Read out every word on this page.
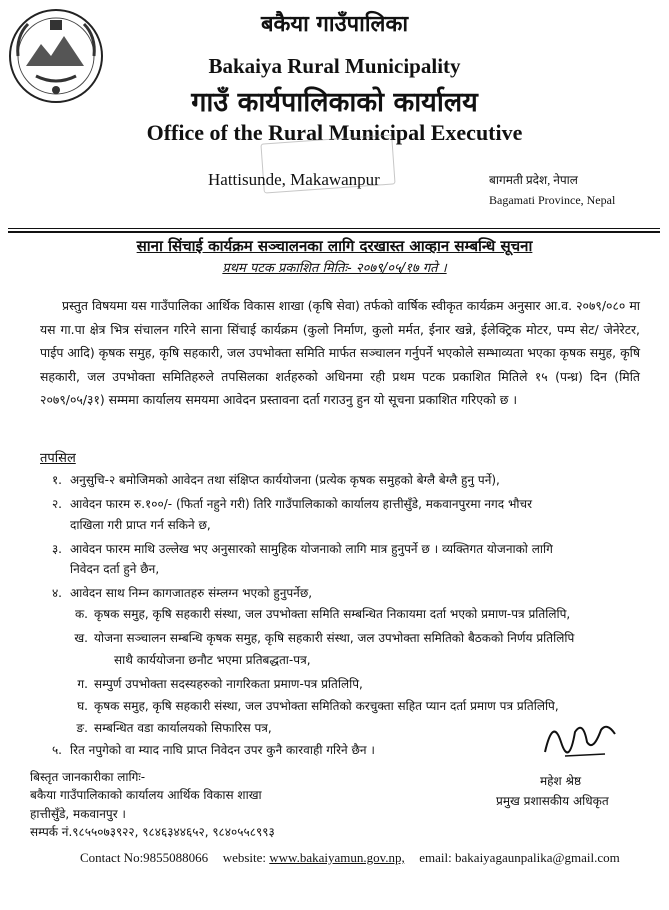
बकैया गाउँपालिका
Bakaiya Rural Municipality
गाउँ कार्यपालिकाको कार्यालय
Office of the Rural Municipal Executive
Hattisunde, Makawanpur	बागमती प्रदेश, नेपाल
Bagamati Province, Nepal
साना सिंचाई कार्यक्रम सञ्चालनका लागि दरखास्त आव्हान सम्बन्धि सूचना
प्रथम पटक प्रकाशित मितिः- २०७९/०५/१७ गते ।
प्रस्तुत विषयमा यस गाउँपालिका आर्थिक विकास शाखा (कृषि सेवा) तर्फको वार्षिक स्वीकृत कार्यक्रम अनुसार आ.व. २०७९/०८० मा यस गा.पा क्षेत्र भित्र संचालन गरिने साना सिंचाई कार्यक्रम (कुलो निर्माण, कुलो मर्मत, ईनार खन्ने, ईलेक्ट्रिक मोटर, पम्प सेट/ जेनेरेटर, पाईप आदि) कृषक समुह, कृषि सहकारी, जल उपभोक्ता समिति मार्फत सञ्चालन गर्नुपर्ने भएकोले सम्भाव्यता भएका कृषक समुह, कृषि सहकारी, जल उपभोक्ता समितिहरुले तपसिलका शर्तहरुको अधिनमा रही प्रथम पटक प्रकाशित मितिले १५ (पन्ध्र) दिन (मिति २०७९/०५/३१) सम्ममा कार्यालय समयमा आवेदन प्रस्तावना दर्ता गराउनु हुन यो सूचना प्रकाशित गरिएको छ ।
तपसिल
१. अनुसुचि-२ बमोजिमको आवेदन तथा संक्षिप्त कार्ययोजना (प्रत्येक कृषक समुहको बेग्लै बेग्लै हुनु पर्ने),
२. आवेदन फारम रु.१००/- (फिर्ता नहुने गरी) तिरि गाउँपालिकाको कार्यालय हात्तीसुँडे, मकवानपुरमा नगद भौचर
दाखिला गरी प्राप्त गर्न सकिने छ,
३. आवेदन फारम माथि उल्लेख भए अनुसारको सामुहिक योजनाको लागि मात्र हुनुपर्ने छ । व्यक्तिगत योजनाको लागि
निवेदन दर्ता हुने छैन,
४. आवेदन साथ निम्न कागजातहरु संम्लग्न भएको हुनुपर्नेछ,
क. कृषक समुह, कृषि सहकारी संस्था, जल उपभोक्ता समिति सम्बन्धित निकायमा दर्ता भएको प्रमाण-पत्र प्रतिलिपि,
ख. योजना सञ्चालन सम्बन्धि कृषक समुह, कृषि सहकारी संस्था, जल उपभोक्ता समितिको बैठकको निर्णय प्रतिलिपि
साथै कार्ययोजना छनौट भएमा प्रतिबद्धता-पत्र,
ग. सम्पुर्ण उपभोक्ता सदस्यहरुको नागरिकता प्रमाण-पत्र प्रतिलिपि,
घ. कृषक समुह, कृषि सहकारी संस्था, जल उपभोक्ता समितिको करचुक्ता सहित प्यान दर्ता प्रमाण पत्र प्रतिलिपि,
ङ. सम्बन्धित वडा कार्यालयको सिफारिस पत्र,
५. रित नपुगेको वा म्याद नाघि प्राप्त निवेदन उपर कुनै कारवाही गरिने छैन ।
महेश श्रेष्ठ
प्रमुख प्रशासकीय अधिकृत
बिस्तृत जानकारीका लागिः-
बकैया गाउँपालिकाको कार्यालय आर्थिक विकास शाखा
हात्तीसुँडे, मकवानपुर ।
सम्पर्क नं.९८५५०७३९२२, ९८४६३४४६५२, ९८४०५५८९९३
Contact No:9855088066 website: www.bakaiyamun.gov.np, email: bakaiyagaunpalika@gmail.com
